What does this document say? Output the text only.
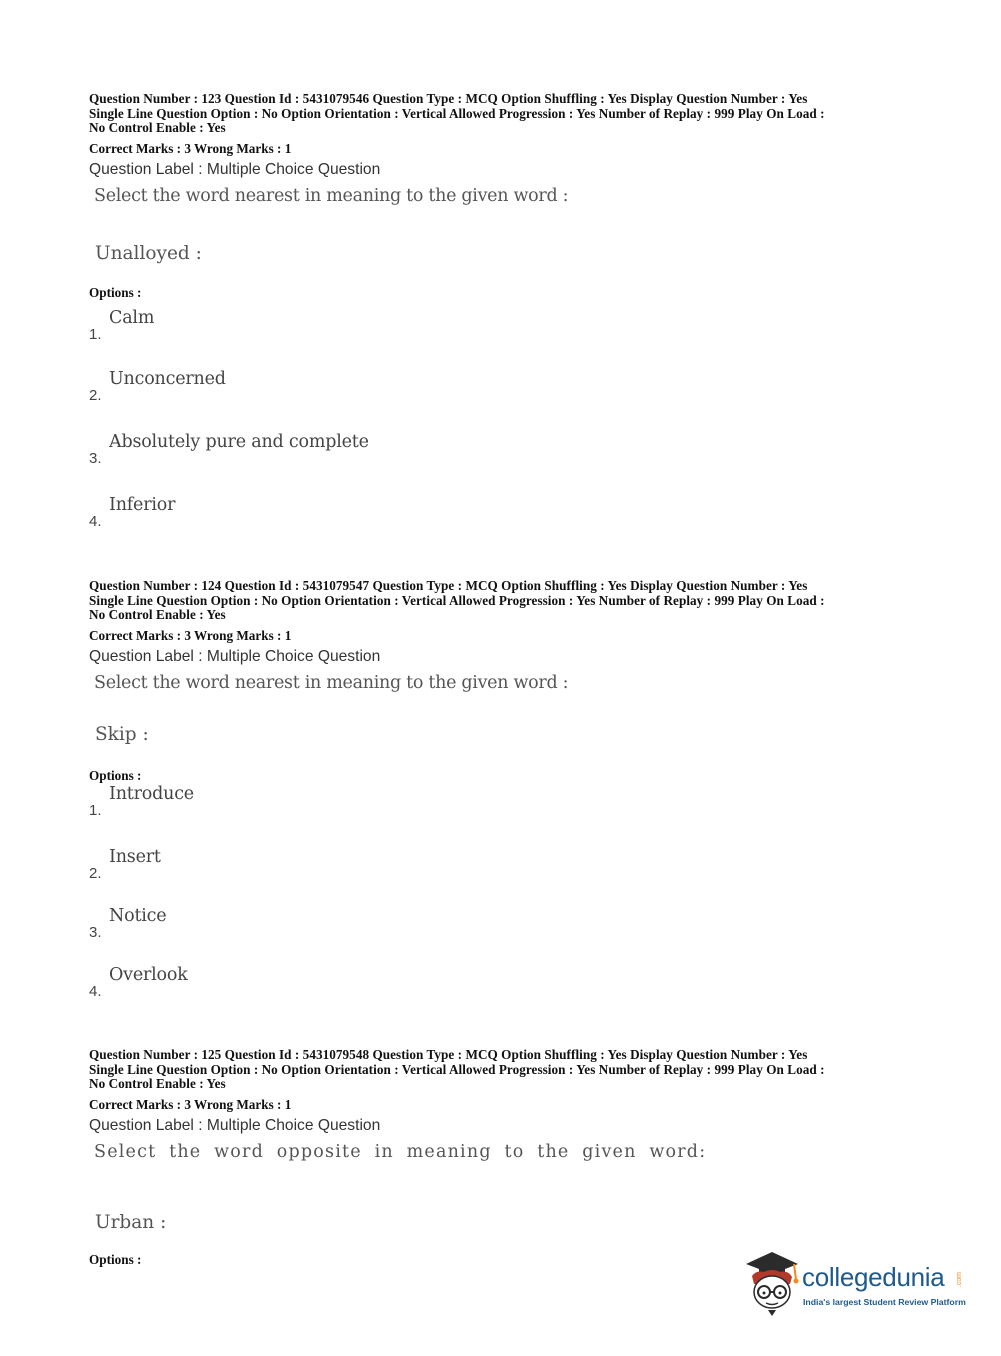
Question Number : 123 Question Id : 5431079546 Question Type : MCQ Option Shuffling : Yes Display Question Number : Yes
Single Line Question Option : No Option Orientation : Vertical Allowed Progression : Yes Number of Replay : 999 Play On Load :
No Control Enable : Yes
Correct Marks : 3 Wrong Marks : 1
Question Label : Multiple Choice Question
Select the word nearest in meaning to the given word :
Unalloyed :
Options :
1.
Calm
2.
Unconcerned
3.
Absolutely pure and complete
4.
Inferior
Question Number : 124 Question Id : 5431079547 Question Type : MCQ Option Shuffling : Yes Display Question Number : Yes
Single Line Question Option : No Option Orientation : Vertical Allowed Progression : Yes Number of Replay : 999 Play On Load :
No Control Enable : Yes
Correct Marks : 3 Wrong Marks : 1
Question Label : Multiple Choice Question
Select the word nearest in meaning to the given word :
Skip :
Options :
1.
Introduce
2.
Insert
3.
Notice
4.
Overlook
Question Number : 125 Question Id : 5431079548 Question Type : MCQ Option Shuffling : Yes Display Question Number : Yes
Single Line Question Option : No Option Orientation : Vertical Allowed Progression : Yes Number of Replay : 999 Play On Load :
No Control Enable : Yes
Correct Marks : 3 Wrong Marks : 1
Question Label : Multiple Choice Question
Select the word opposite in meaning to the given word:
Urban :
Options :
collegedunia .com
India's largest Student Review Platform
